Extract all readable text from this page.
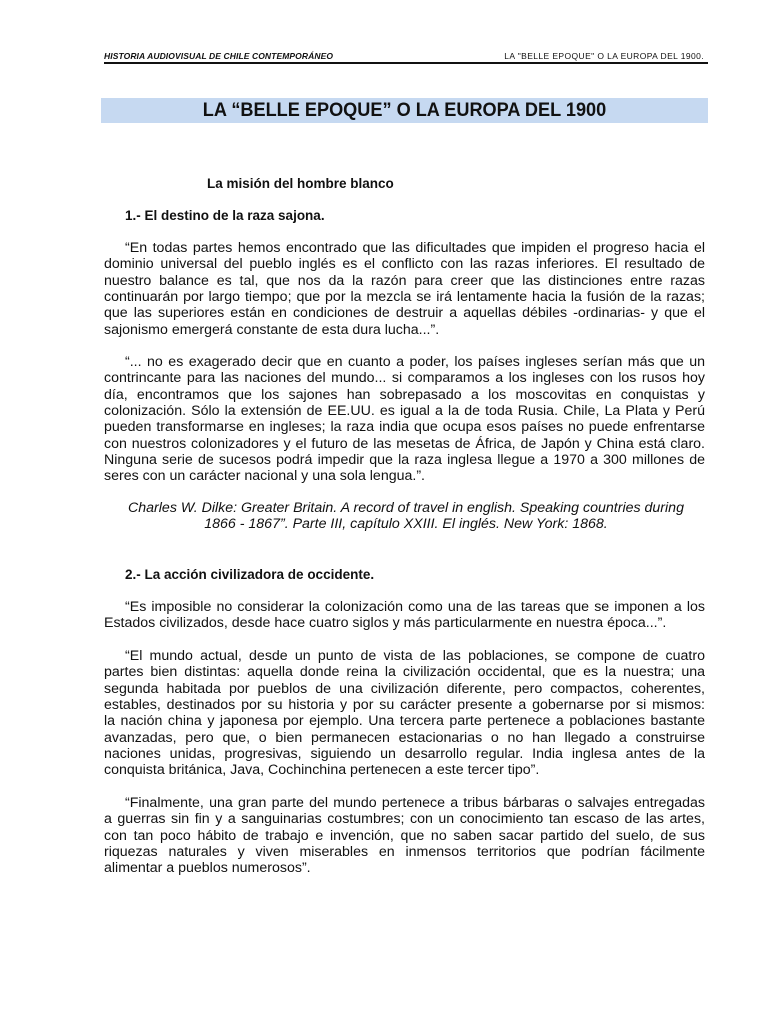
HISTORIA AUDIOVISUAL DE CHILE CONTEMPORÁNEO	LA "BELLE EPOQUE" O LA EUROPA DEL 1900.
LA “BELLE EPOQUE” O LA EUROPA DEL 1900
La misión del hombre blanco
1.- El destino de la raza sajona.
“En todas partes hemos encontrado que las dificultades que impiden el progreso hacia el
dominio universal del pueblo inglés es el conflicto con las razas inferiores. El resultado de
nuestro balance es tal, que nos da la razón para creer que las distinciones entre razas
continuarán por largo tiempo; que por la mezcla se irá lentamente hacia la fusión de la razas;
que las superiores están en condiciones de destruir a aquellas débiles -ordinarias- y que el
sajonismo emergerá constante de esta dura lucha...”.
“... no es exagerado decir que en cuanto a poder, los países ingleses serían más que un
contrincante para las naciones del mundo... si comparamos a los ingleses con los rusos hoy
día, encontramos que los sajones han sobrepasado a los moscovitas en conquistas y
colonización. Sólo la extensión de EE.UU. es igual a la de toda Rusia. Chile, La Plata y Perú
pueden transformarse en ingleses; la raza india que ocupa esos países no puede enfrentarse
con nuestros colonizadores y el futuro de las mesetas de África, de Japón y China está claro.
Ninguna serie de sucesos podrá impedir que la raza inglesa llegue a 1970 a 300 millones de
seres con un carácter nacional y una sola lengua.”.
Charles W. Dilke: Greater Britain. A record of travel in english. Speaking countries during
1866 - 1867”. Parte III, capítulo XXIII. El inglés. New York: 1868.
2.- La acción civilizadora de occidente.
“Es imposible no considerar la colonización como una de las tareas que se imponen a los
Estados civilizados, desde hace cuatro siglos y más particularmente en nuestra época...”.
“El mundo actual, desde un punto de vista de las poblaciones, se compone de cuatro
partes bien distintas: aquella donde reina la civilización occidental, que es la nuestra; una
segunda habitada por pueblos de una civilización diferente, pero compactos, coherentes,
estables, destinados por su historia y por su carácter presente a gobernarse por si mismos:
la nación china y japonesa por ejemplo. Una tercera parte pertenece a poblaciones bastante
avanzadas, pero que, o bien permanecen estacionarias o no han llegado a construirse
naciones unidas, progresivas, siguiendo un desarrollo regular. India inglesa antes de la
conquista británica, Java, Cochinchina pertenecen a este tercer tipo”.
“Finalmente, una gran parte del mundo pertenece a tribus bárbaras o salvajes entregadas
a guerras sin fin y a sanguinarias costumbres; con un conocimiento tan escaso de las artes,
con tan poco hábito de trabajo e invención, que no saben sacar partido del suelo, de sus
riquezas naturales y viven miserables en inmensos territorios que podrían fácilmente
alimentar a pueblos numerosos”.
